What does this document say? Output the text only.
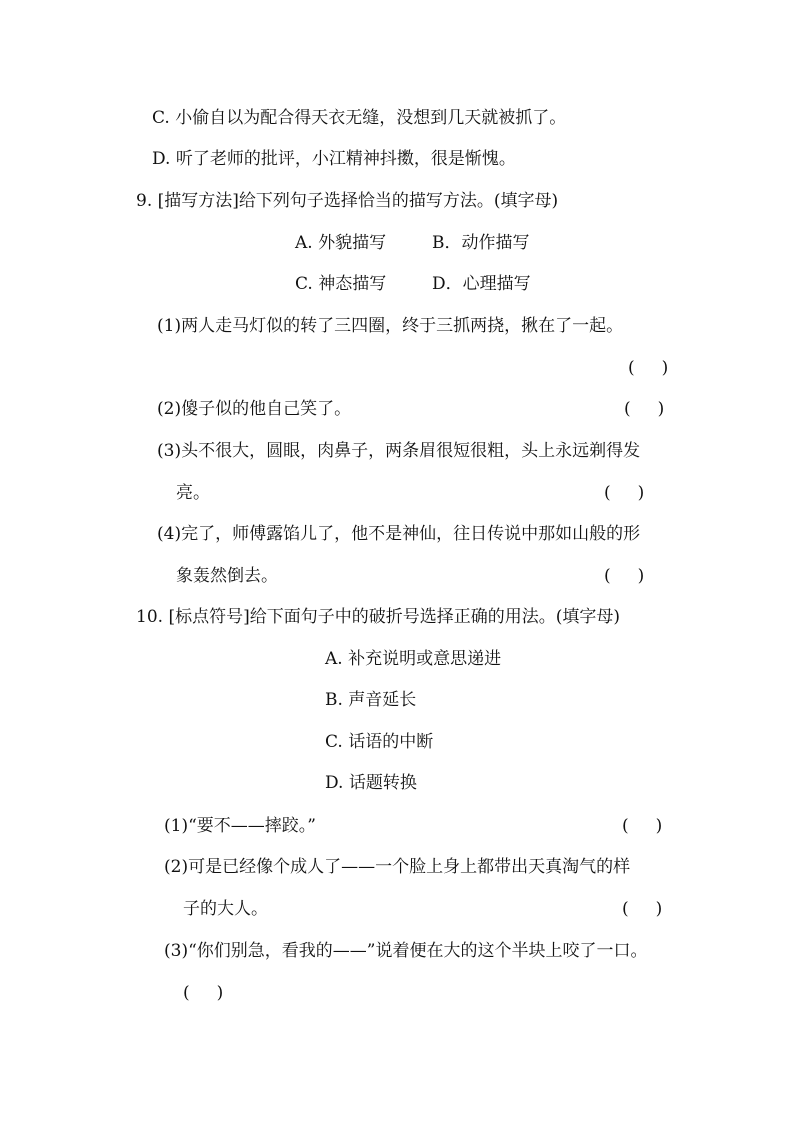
C. 小偷自以为配合得天衣无缝，没想到几天就被抓了。
D. 听了老师的批评，小江精神抖擞，很是惭愧。
9. [描写方法]给下列句子选择恰当的描写方法。(填字母)
A. 外貌描写	B．动作描写
C. 神态描写	D．心理描写
(1)两人走马灯似的转了三四圈，终于三抓两挠，揪在了一起。
(     )
(2)傻子似的他自己笑了。	(     )
(3)头不很大，圆眼，肉鼻子，两条眉很短很粗，头上永远剃得发
亮。	(     )
(4)完了，师傅露馅儿了，他不是神仙，往日传说中那如山般的形
象轰然倒去。	(     )
10. [标点符号]给下面句子中的破折号选择正确的用法。(填字母)
A. 补充说明或意思递进
B. 声音延长
C. 话语的中断
D. 话题转换
(1)“要不——摔跤。”	(     )
(2)可是已经像个成人了——一个脸上身上都带出天真淘气的样
子的大人。	(     )
(3)“你们别急，看我的——”说着便在大的这个半块上咬了一口。
(     )
